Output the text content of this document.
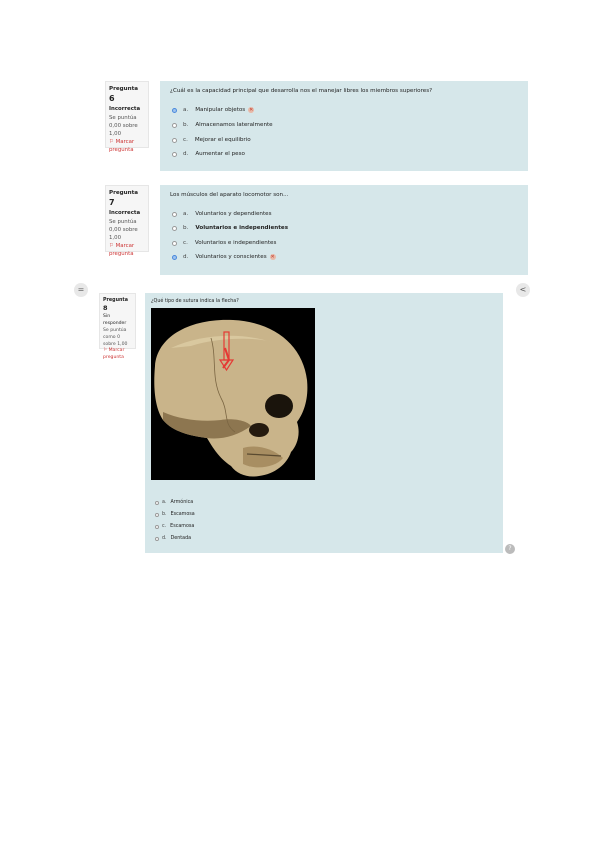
Pregunta 6
Incorrecta
Se puntúa 0,00 sobre 1,00
⚐ Marcar pregunta
¿Cuál es la capacidad principal que desarrolla nos el manejar libres los miembros superiores?
a. Manipular objetos ✕
b. Almacenamos lateralmente
c. Mejorar el equilibrio
d. Aumentar el peso
Pregunta 7
Incorrecta
Se puntúa 0,00 sobre 1,00
⚐ Marcar pregunta
Los músculos del aparato locomotor son...
a. Voluntarios y dependientes
b. Voluntarios e independientes
c. Voluntarios e independientes
d. Voluntarios y conscientes ✕
=	<
Pregunta 8
Sin responder
Se puntúa como 0 sobre 1,00
⚐ Marcar pregunta
¿Qué tipo de sutura indica la flecha?
a. Armónica
b. Escamosa
c. Escamosa
d. Dentada
?
